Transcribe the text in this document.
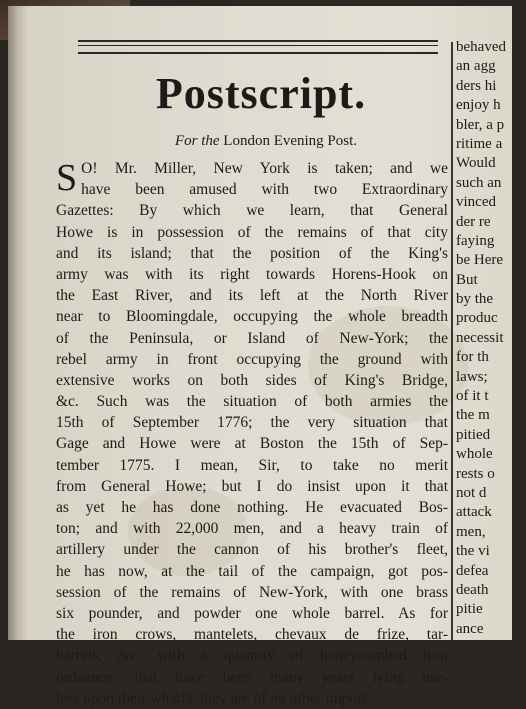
Postscript.
For the London Evening Post.
S O! Mr. Miller, New York is taken; and we
have been amused with two Extraordinary
Gazettes: By which we learn, that General
Howe is in possession of the remains of that city
and its island; that the position of the King's
army was with its right towards Horens-Hook on
the East River, and its left at the North River
near to Bloomingdale, occupying the whole breadth
of the Peninsula, or Island of New-York; the
rebel army in front occupying the ground with
extensive works on both sides of King's Bridge,
&c. Such was the situation of both armies the
15th of September 1776; the very situation that
Gage and Howe were at Boston the 15th of Sep-
tember 1775. I mean, Sir, to take no merit
from General Howe; but I do insist upon it that
as yet he has done nothing. He evacuated Bos-
ton; and with 22,000 men, and a heavy train of
artillery under the cannon of his brother's fleet,
he has now, at the tail of the campaign, got pos-
session of the remains of New-York, with one brass
six pounder, and powder one whole barrel. As for
the iron crows, mantelets, chevaux de frize, tar-
barrels, &c. with a quantity of honeycombed iron
ordnance, that have been many years lying use-
less upon their wharfs, they are of no other import
behaved
an agg
ders hi
enjoy h
bler, a p
ritime a
Would
such an
vinced
der re
faying
be Here
But
by the
produc
necessit
for th
laws;
of it t
the m
pitied
whole
rests o
not d
attack
men,
the vi
defea
death
pitie
ance
